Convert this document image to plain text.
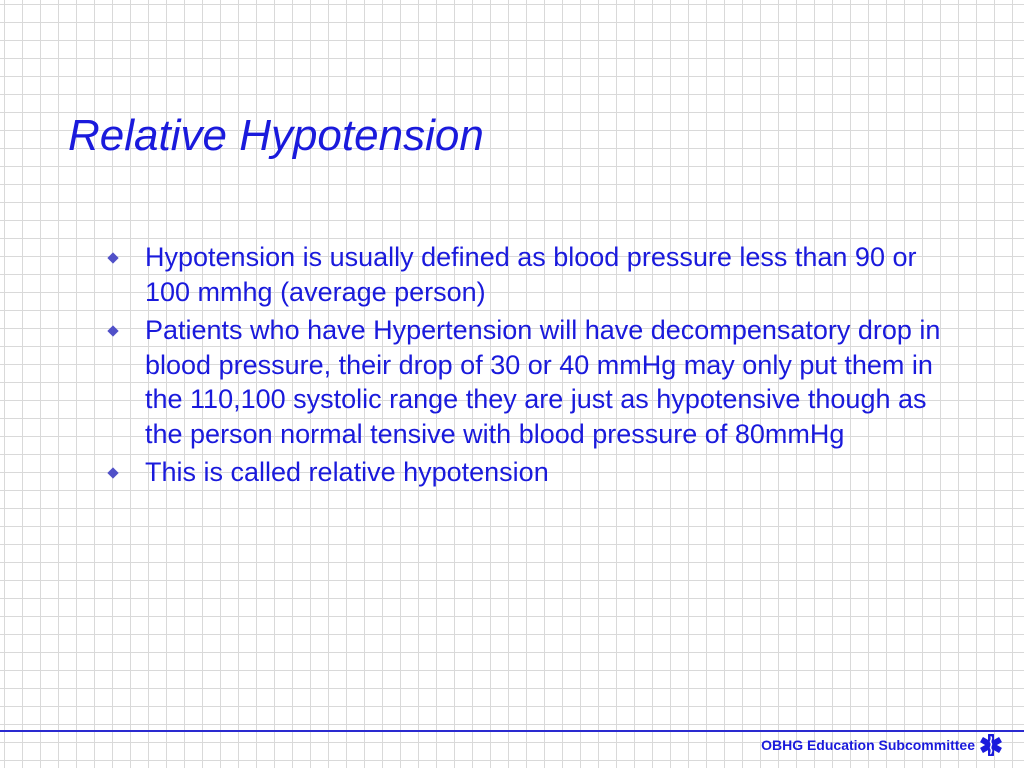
Relative Hypotension
Hypotension is usually defined as blood pressure less than 90 or 100 mmhg (average person)
Patients who have Hypertension will have decompensatory drop in blood pressure, their drop of 30 or 40 mmHg may only put them in the 110,100 systolic range they are just as hypotensive though as the person normal tensive with blood pressure of 80mmHg
This is called relative hypotension
OBHG Education Subcommittee
